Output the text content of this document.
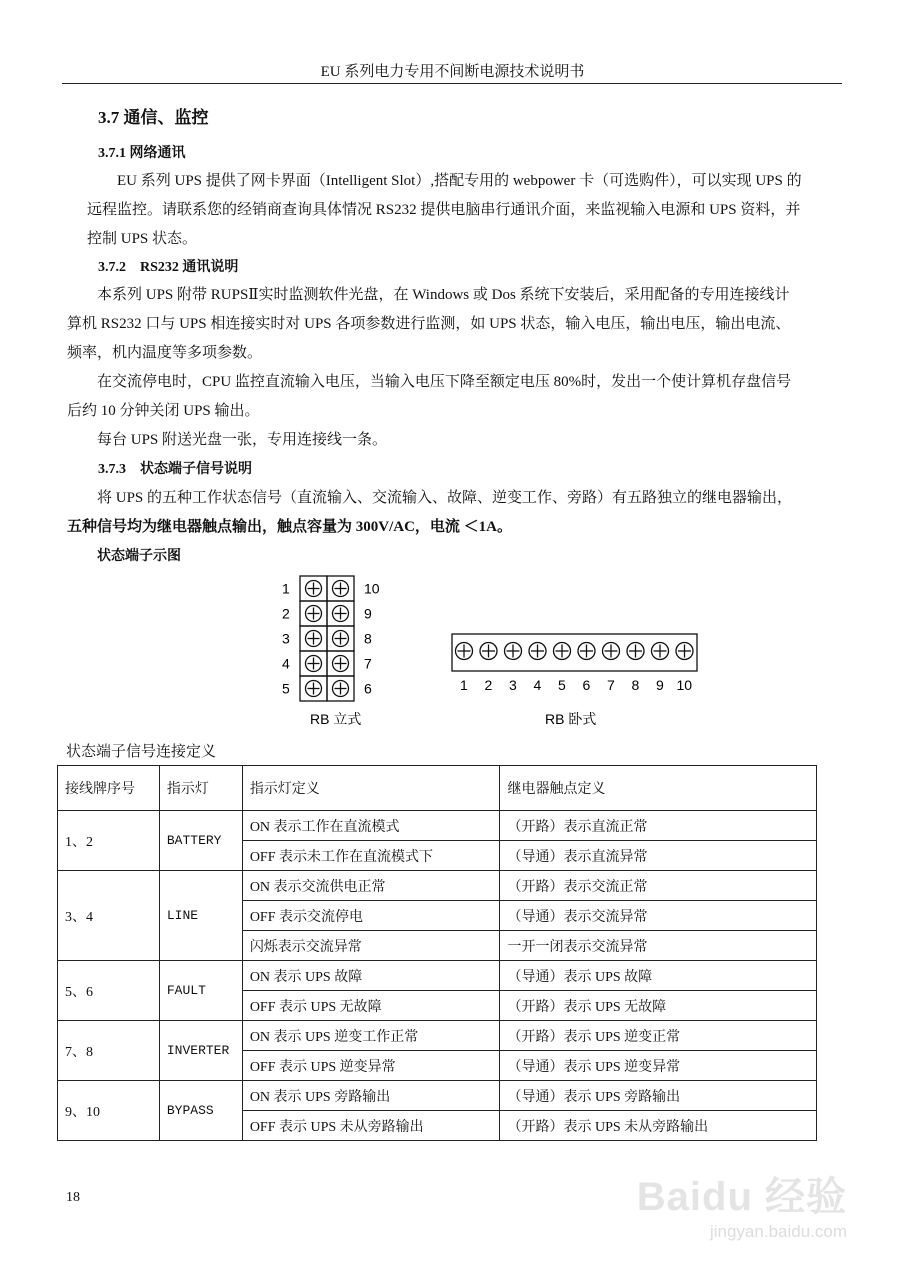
EU 系列电力专用不间断电源技术说明书
3.7 通信、监控
3.7.1 网络通讯

EU 系列 UPS 提供了网卡界面（Intelligent Slot）,搭配专用的 webpower 卡（可选购件），可以实现 UPS 的

远程监控。请联系您的经销商查询具体情况 RS232 提供电脑串行通讯介面，来监视输入电源和 UPS 资料，并

控制 UPS 状态。

3.7.2　RS232 通讯说明

本系列 UPS 附带 RUPSⅡ实时监测软件光盘，在 Windows 或 Dos 系统下安装后，采用配备的专用连接线计

算机 RS232 口与 UPS 相连接实时对 UPS 各项参数进行监测，如 UPS 状态，输入电压，输出电压，输出电流、

频率，机内温度等多项参数。

在交流停电时，CPU 监控直流输入电压，当输入电压下降至额定电压 80%时，发出一个使计算机存盘信号

后约 10 分钟关闭 UPS 输出。

每台 UPS 附送光盘一张，专用连接线一条。

3.7.3　状态端子信号说明

将 UPS 的五种工作状态信号（直流输入、交流输入、故障、逆变工作、旁路）有五路独立的继电器输出，

五种信号均为继电器触点输出，触点容量为 300V/AC，电流 ＜1A。

状态端子示图

1	10
2	9
3	8
4	7
5	6	1 2 3 4 5 6 7 8 9 10
RB 立式	RB 卧式
状态端子信号连接定义
接线牌序号	指示灯	指示灯定义	继电器触点定义
1、2	BATTERY	ON 表示工作在直流模式	（开路）表示直流正常
		OFF 表示未工作在直流模式下	（导通）表示直流异常
3、4	LINE	ON 表示交流供电正常	（开路）表示交流正常
		OFF 表示交流停电	（导通）表示交流异常
		闪烁表示交流异常	一开一闭表示交流异常
5、6	FAULT	ON 表示 UPS 故障	（导通）表示 UPS 故障
		OFF 表示 UPS 无故障	（开路）表示 UPS 无故障
7、8	INVERTER	ON 表示 UPS 逆变工作正常	（开路）表示 UPS 逆变正常
		OFF 表示 UPS 逆变异常	（导通）表示 UPS 逆变异常
9、10	BYPASS	ON 表示 UPS 旁路输出	（导通）表示 UPS 旁路输出
		OFF 表示 UPS 未从旁路输出	（开路）表示 UPS 未从旁路输出
18	Baidu 经验
jingyan.baidu.com
